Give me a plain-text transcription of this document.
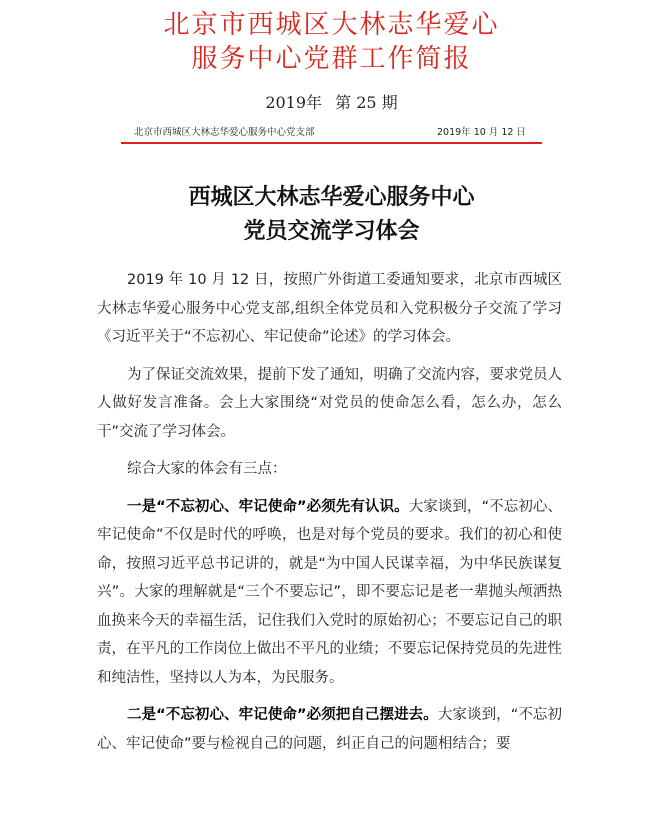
北京市西城区大林志华爱心
服务中心党群工作简报
2019年 第 25 期
北京市西城区大林志华爱心服务中心党支部	2019年 10 月 12 日
西城区大林志华爱心服务中心
党员交流学习体会

2019 年 10 月 12 日，按照广外街道工委通知要求，北京市西城区大林志华爱心服务中心党支部,组织全体党员和入党积极分子交流了学习《习近平关于“不忘初心、牢记使命”论述》的学习体会。

为了保证交流效果，提前下发了通知，明确了交流内容，要求党员人人做好发言准备。会上大家围绕“对党员的使命怎么看，怎么办，怎么干”交流了学习体会。

综合大家的体会有三点：

一是“不忘初心、牢记使命”必须先有认识。大家谈到，“不忘初心、牢记使命”不仅是时代的呼唤，也是对每个党员的要求。我们的初心和使命，按照习近平总书记讲的，就是“为中国人民谋幸福，为中华民族谋复兴”。大家的理解就是“三个不要忘记”，即不要忘记是老一辈抛头颅洒热血换来今天的幸福生活，记住我们入党时的原始初心；不要忘记自己的职责，在平凡的工作岗位上做出不平凡的业绩；不要忘记保持党员的先进性和纯洁性，坚持以人为本，为民服务。

二是“不忘初心、牢记使命”必须把自己摆进去。大家谈到，“不忘初心、牢记使命”要与检视自己的问题，纠正自己的问题相结合；要
